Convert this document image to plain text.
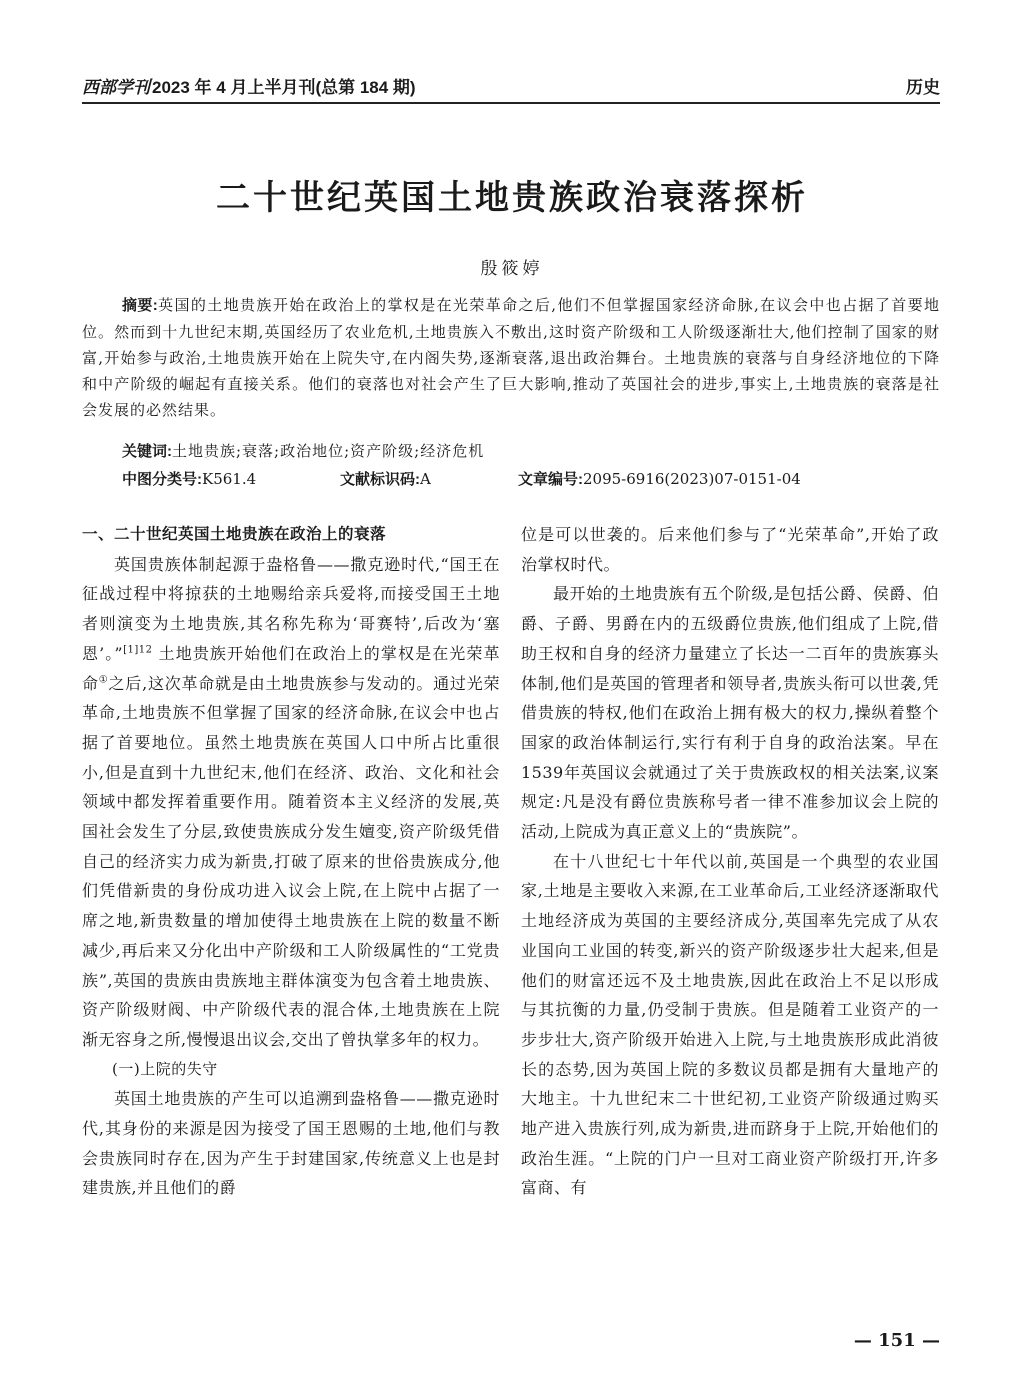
西部学刊 2023 年 4 月上半月刊(总第 184 期)	历史
二十世纪英国土地贵族政治衰落探析
殷筱婷
摘要:英国的土地贵族开始在政治上的掌权是在光荣革命之后,他们不但掌握国家经济命脉,在议会中也占据了首要地位。然而到十九世纪末期,英国经历了农业危机,土地贵族入不敷出,这时资产阶级和工人阶级逐渐壮大,他们控制了国家的财富,开始参与政治,土地贵族开始在上院失守,在内阁失势,逐渐衰落,退出政治舞台。土地贵族的衰落与自身经济地位的下降和中产阶级的崛起有直接关系。他们的衰落也对社会产生了巨大影响,推动了英国社会的进步,事实上,土地贵族的衰落是社会发展的必然结果。
关键词:土地贵族;衰落;政治地位;资产阶级;经济危机
中图分类号:K561.4	文献标识码:A	文章编号:2095-6916(2023)07-0151-04

一、二十世纪英国土地贵族在政治上的衰落

英国贵族体制起源于盎格鲁——撒克逊时代,“国王在征战过程中将掠获的土地赐给亲兵爱将,而接受国王土地者则演变为土地贵族,其名称先称为‘哥赛特’,后改为‘塞恩’。”$^{[1]12}$ 土地贵族开始他们在政治上的掌权是在光荣革命①之后,这次革命就是由土地贵族参与发动的。通过光荣革命,土地贵族不但掌握了国家的经济命脉,在议会中也占据了首要地位。虽然土地贵族在英国人口中所占比重很小,但是直到十九世纪末,他们在经济、政治、文化和社会领域中都发挥着重要作用。随着资本主义经济的发展,英国社会发生了分层,致使贵族成分发生嬗变,资产阶级凭借自己的经济实力成为新贵,打破了原来的世俗贵族成分,他们凭借新贵的身份成功进入议会上院,在上院中占据了一席之地,新贵数量的增加使得土地贵族在上院的数量不断减少,再后来又分化出中产阶级和工人阶级属性的“工党贵族”,英国的贵族由贵族地主群体演变为包含着土地贵族、资产阶级财阀、中产阶级代表的混合体,土地贵族在上院渐无容身之所,慢慢退出议会,交出了曾执掌多年的权力。

(一)上院的失守

英国土地贵族的产生可以追溯到盎格鲁——撒克逊时代,其身份的来源是因为接受了国王恩赐的土地,他们与教会贵族同时存在,因为产生于封建国家,传统意义上也是封建贵族,并且他们的爵

位是可以世袭的。后来他们参与了“光荣革命”,开始了政治掌权时代。

最开始的土地贵族有五个阶级,是包括公爵、侯爵、伯爵、子爵、男爵在内的五级爵位贵族,他们组成了上院,借助王权和自身的经济力量建立了长达一二百年的贵族寡头体制,他们是英国的管理者和领导者,贵族头衔可以世袭,凭借贵族的特权,他们在政治上拥有极大的权力,操纵着整个国家的政治体制运行,实行有利于自身的政治法案。早在1539年英国议会就通过了关于贵族政权的相关法案,议案规定:凡是没有爵位贵族称号者一律不准参加议会上院的活动,上院成为真正意义上的“贵族院”。

在十八世纪七十年代以前,英国是一个典型的农业国家,土地是主要收入来源,在工业革命后,工业经济逐渐取代土地经济成为英国的主要经济成分,英国率先完成了从农业国向工业国的转变,新兴的资产阶级逐步壮大起来,但是他们的财富还远不及土地贵族,因此在政治上不足以形成与其抗衡的力量,仍受制于贵族。但是随着工业资产的一步步壮大,资产阶级开始进入上院,与土地贵族形成此消彼长的态势,因为英国上院的多数议员都是拥有大量地产的大地主。十九世纪末二十世纪初,工业资产阶级通过购买地产进入贵族行列,成为新贵,进而跻身于上院,开始他们的政治生涯。“上院的门户一旦对工商业资产阶级打开,许多富商、有

— 151 —
